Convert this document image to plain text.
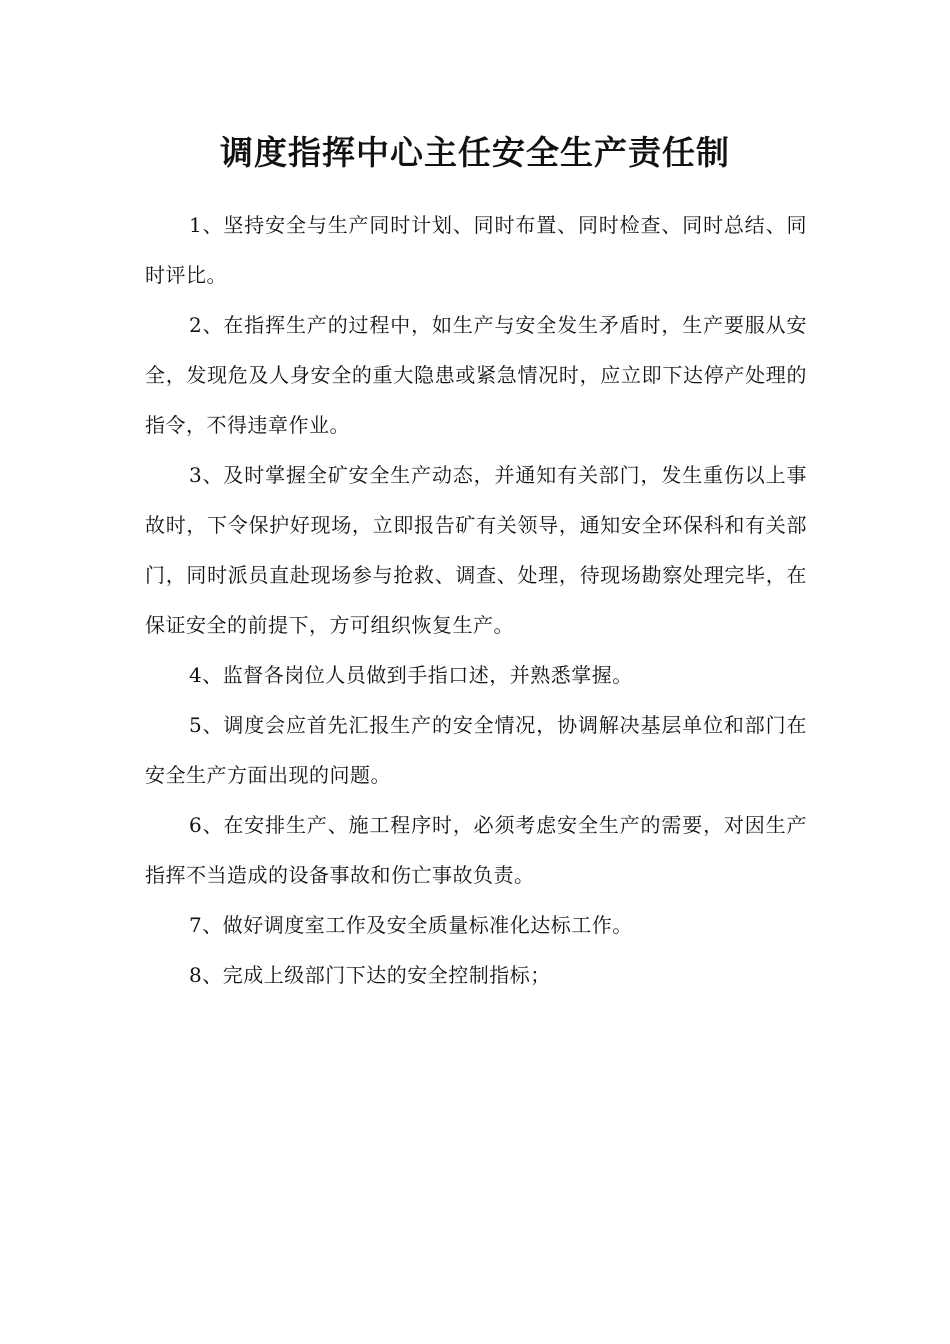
调度指挥中心主任安全生产责任制

1、坚持安全与生产同时计划、同时布置、同时检查、同时总结、同时评比。

2、在指挥生产的过程中，如生产与安全发生矛盾时，生产要服从安全，发现危及人身安全的重大隐患或紧急情况时，应立即下达停产处理的指令，不得违章作业。

3、及时掌握全矿安全生产动态，并通知有关部门，发生重伤以上事故时，下令保护好现场，立即报告矿有关领导，通知安全环保科和有关部门，同时派员直赴现场参与抢救、调查、处理，待现场勘察处理完毕，在保证安全的前提下，方可组织恢复生产。

4、监督各岗位人员做到手指口述，并熟悉掌握。

5、调度会应首先汇报生产的安全情况，协调解决基层单位和部门在安全生产方面出现的问题。

6、在安排生产、施工程序时，必须考虑安全生产的需要，对因生产指挥不当造成的设备事故和伤亡事故负责。

7、做好调度室工作及安全质量标准化达标工作。

8、完成上级部门下达的安全控制指标；
